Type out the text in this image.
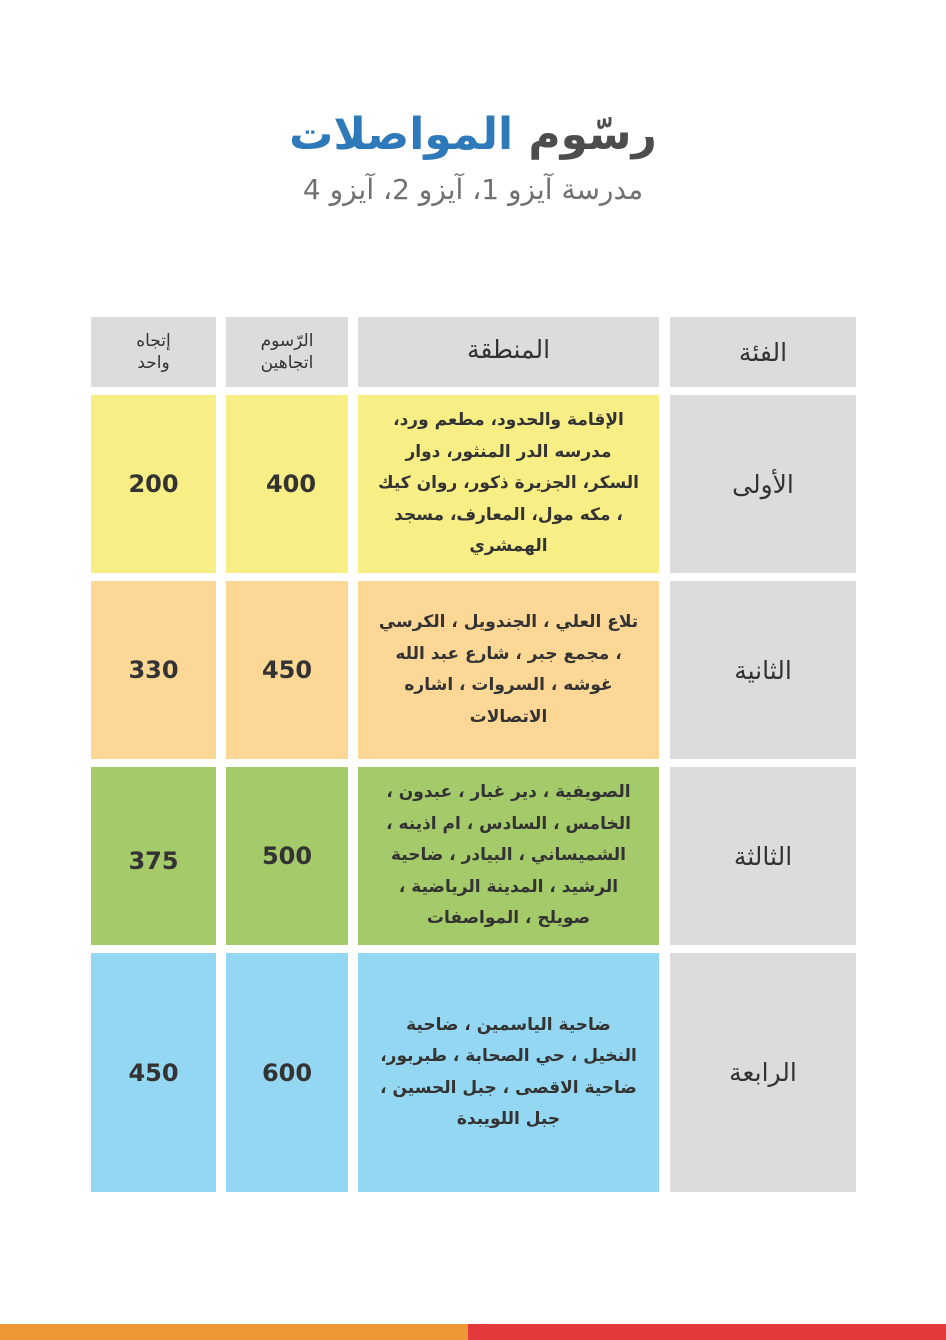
رسّوم المواصلات
مدرسة آيزو 1، آيزو 2، آيزو 4
الفئة
المنطقة
الرّسوم اتجاهين
إتجاه واحد
الأولى
الإقامة والحدود، مطعم ورد، مدرسه الدر المنثور، دوار السكر، الجزيرة ذكور، روان كيك ، مكه مول، المعارف، مسجد الهمشري
400
200
الثانية
تلاع العلي ، الجندويل ، الكرسي ، مجمع جبر ، شارع عبد الله غوشه ، السروات ، اشاره الاتصالات
450
330
الثالثة
الصويفية ، دير غبار ، عبدون ، الخامس ، السادس ، ام اذينه ، الشميساني ، البيادر ، ضاحية الرشيد ، المدينة الرياضية ، صويلح ، المواصفات
500
375
الرابعة
ضاحية الياسمين ، ضاحية النخيل ، حي الصحابة ، طبربور، ضاحية الاقصى ، جبل الحسين ، جبل اللويبدة
600
450
